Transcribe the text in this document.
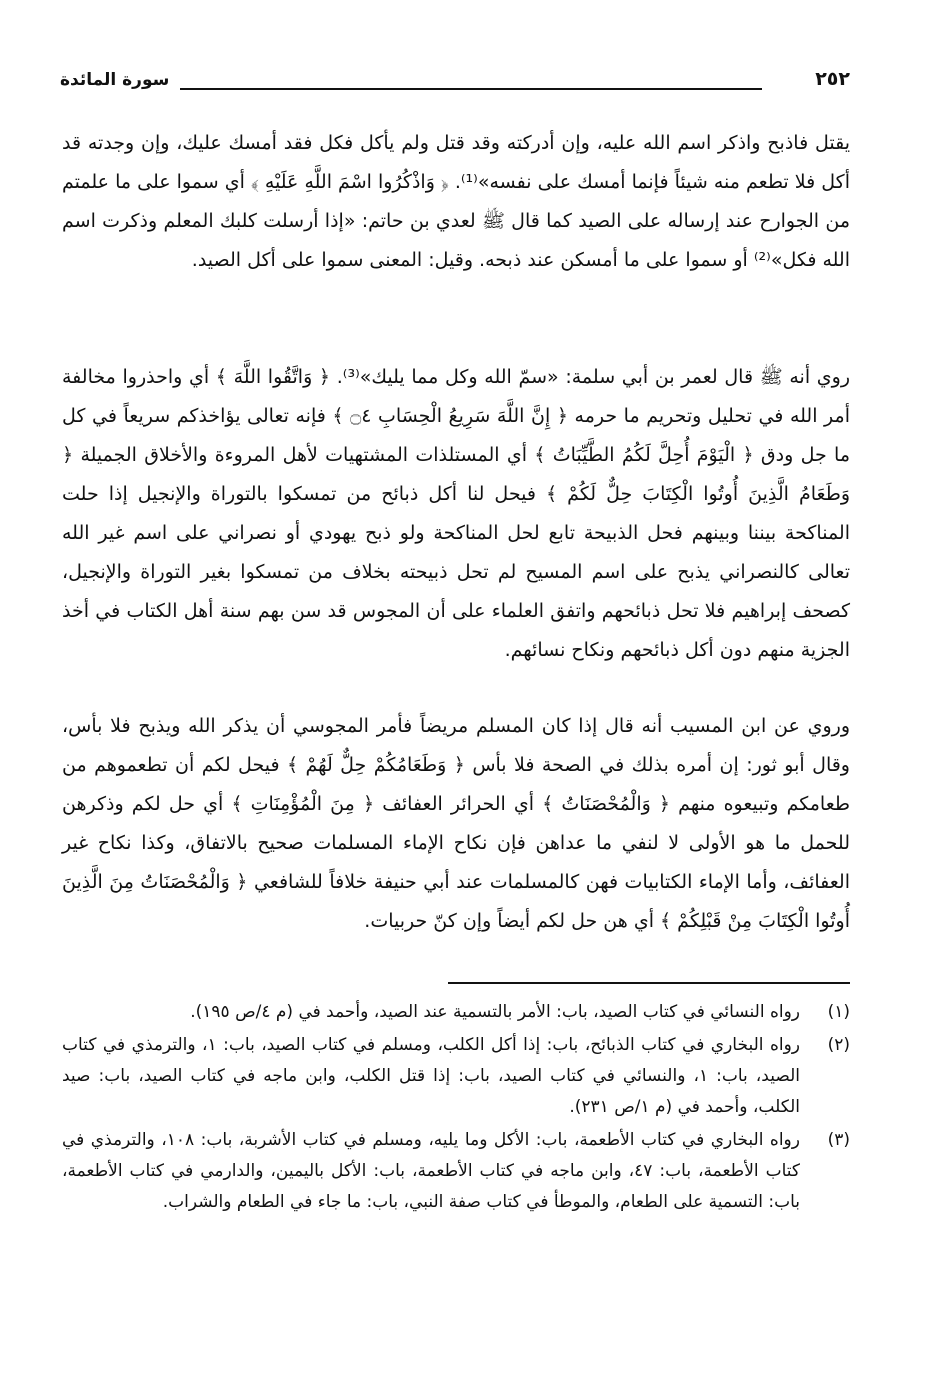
سورة المائدة	٢٥٢
يقتل فاذبح واذكر اسم الله عليه، وإن أدركته وقد قتل ولم يأكل فكل فقد أمسك عليك، وإن وجدته قد أكل فلا تطعم منه شيئاً فإنما أمسك على نفسه»⁽¹⁾. ﴿ وَاذْكُرُوا اسْمَ اللَّهِ عَلَيْهِ ﴾ أي سموا على ما علمتم من الجوارح عند إرساله على الصيد كما قال ﷺ لعدي بن حاتم: «إذا أرسلت كلبك المعلم وذكرت اسم الله فكل»⁽²⁾ أو سموا على ما أمسكن عند ذبحه. وقيل: المعنى سموا على أكل الصيد.
روي أنه ﷺ قال لعمر بن أبي سلمة: «سمّ الله وكل مما يليك»⁽³⁾. ﴿ وَاتَّقُوا اللَّهَ ﴾ أي واحذروا مخالفة أمر الله في تحليل وتحريم ما حرمه ﴿ إِنَّ اللَّهَ سَرِيعُ الْحِسَابِ ۝٤ ﴾ فإنه تعالى يؤاخذكم سريعاً في كل ما جل ودق ﴿ الْيَوْمَ أُحِلَّ لَكُمُ الطَّيِّبَاتُ ﴾ أي المستلذات المشتهيات لأهل المروءة والأخلاق الجميلة ﴿ وَطَعَامُ الَّذِينَ أُوتُوا الْكِتَابَ حِلٌّ لَكُمْ ﴾ فيحل لنا أكل ذبائح من تمسكوا بالتوراة والإنجيل إذا حلت المناكحة بيننا وبينهم فحل الذبيحة تابع لحل المناكحة ولو ذبح يهودي أو نصراني على اسم غير الله تعالى كالنصراني يذبح على اسم المسيح لم تحل ذبيحته بخلاف من تمسكوا بغير التوراة والإنجيل، كصحف إبراهيم فلا تحل ذبائحهم واتفق العلماء على أن المجوس قد سن بهم سنة أهل الكتاب في أخذ الجزية منهم دون أكل ذبائحهم ونكاح نسائهم.
وروي عن ابن المسيب أنه قال إذا كان المسلم مريضاً فأمر المجوسي أن يذكر الله ويذبح فلا بأس، وقال أبو ثور: إن أمره بذلك في الصحة فلا بأس ﴿ وَطَعَامُكُمْ حِلٌّ لَهُمْ ﴾ فيحل لكم أن تطعموهم من طعامكم وتبيعوه منهم ﴿ وَالْمُحْصَنَاتُ ﴾ أي الحرائر العفائف ﴿ مِنَ الْمُؤْمِنَاتِ ﴾ أي حل لكم وذكرهن للحمل ما هو الأولى لا لنفي ما عداهن فإن نكاح الإماء المسلمات صحيح بالاتفاق، وكذا نكاح غير العفائف، وأما الإماء الكتابيات فهن كالمسلمات عند أبي حنيفة خلافاً للشافعي ﴿ وَالْمُحْصَنَاتُ مِنَ الَّذِينَ أُوتُوا الْكِتَابَ مِنْ قَبْلِكُمْ ﴾ أي هن حل لكم أيضاً وإن كنّ حربيات.
(١)
رواه النسائي في كتاب الصيد، باب: الأمر بالتسمية عند الصيد، وأحمد في (م ٤/ص ١٩٥).
(٢)
رواه البخاري في كتاب الذبائح، باب: إذا أكل الكلب، ومسلم في كتاب الصيد، باب: ١، والترمذي في كتاب الصيد، باب: ١، والنسائي في كتاب الصيد، باب: إذا قتل الكلب، وابن ماجه في كتاب الصيد، باب: صيد الكلب، وأحمد في (م ١/ص ٢٣١).
(٣)
رواه البخاري في كتاب الأطعمة، باب: الأكل وما يليه، ومسلم في كتاب الأشربة، باب: ١٠٨، والترمذي في كتاب الأطعمة، باب: ٤٧، وابن ماجه في كتاب الأطعمة، باب: الأكل باليمين، والدارمي في كتاب الأطعمة، باب: التسمية على الطعام، والموطأ في كتاب صفة النبي، باب: ما جاء في الطعام والشراب.
